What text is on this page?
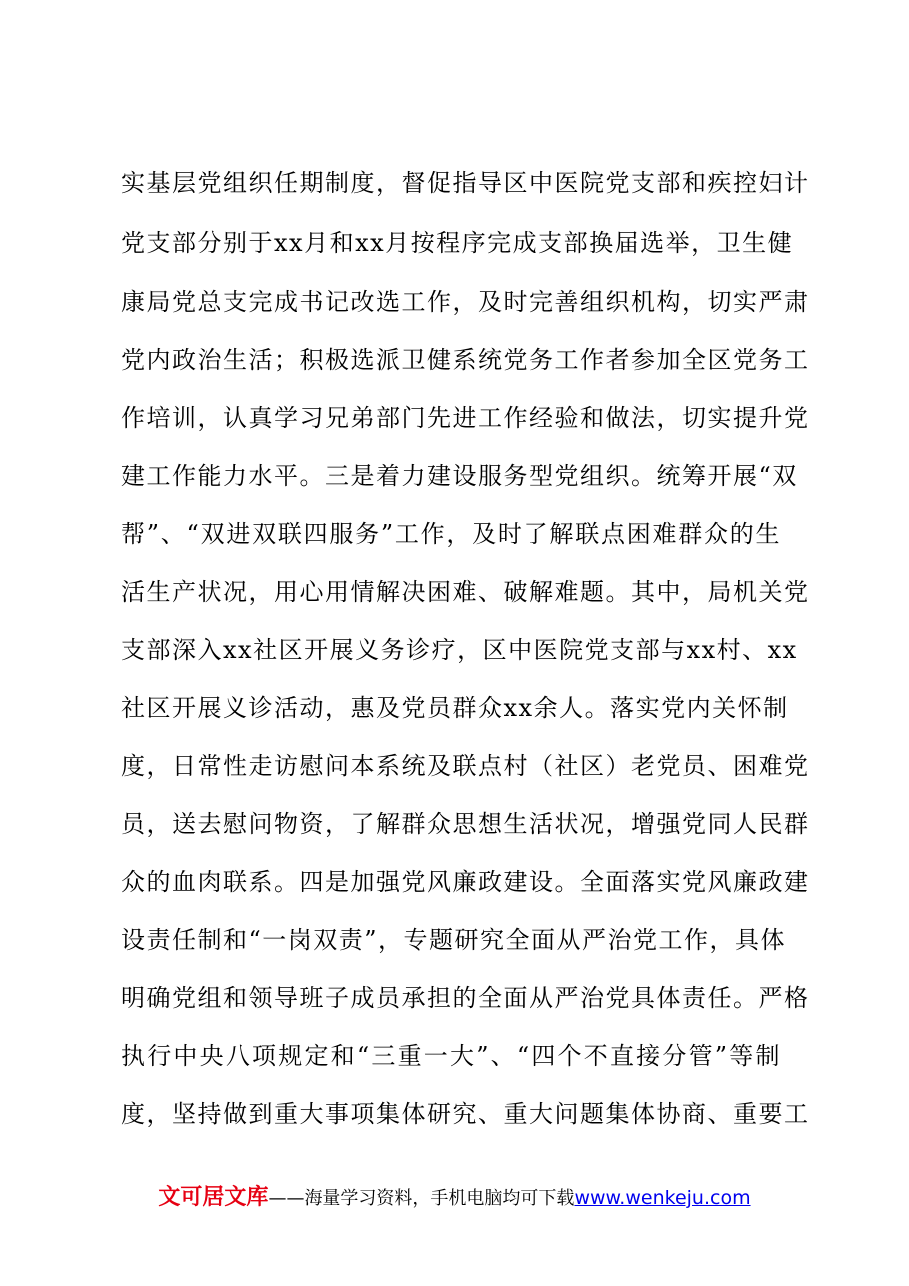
实基层党组织任期制度，督促指导区中医院党支部和疾控妇计
党支部分别于xx月和xx月按程序完成支部换届选举，卫生健
康局党总支完成书记改选工作，及时完善组织机构，切实严肃
党内政治生活；积极选派卫健系统党务工作者参加全区党务工
作培训，认真学习兄弟部门先进工作经验和做法，切实提升党
建工作能力水平。三是着力建设服务型党组织。统筹开展“双
帮”、“双进双联四服务”工作，及时了解联点困难群众的生
活生产状况，用心用情解决困难、破解难题。其中，局机关党
支部深入xx社区开展义务诊疗，区中医院党支部与xx村、xx
社区开展义诊活动，惠及党员群众xx余人。落实党内关怀制
度，日常性走访慰问本系统及联点村（社区）老党员、困难党
员，送去慰问物资，了解群众思想生活状况，增强党同人民群
众的血肉联系。四是加强党风廉政建设。全面落实党风廉政建
设责任制和“一岗双责”，专题研究全面从严治党工作，具体
明确党组和领导班子成员承担的全面从严治党具体责任。严格
执行中央八项规定和“三重一大”、“四个不直接分管”等制
度，坚持做到重大事项集体研究、重大问题集体协商、重要工
文可居文库——海量学习资料，手机电脑均可下载www.wenkeju.com
